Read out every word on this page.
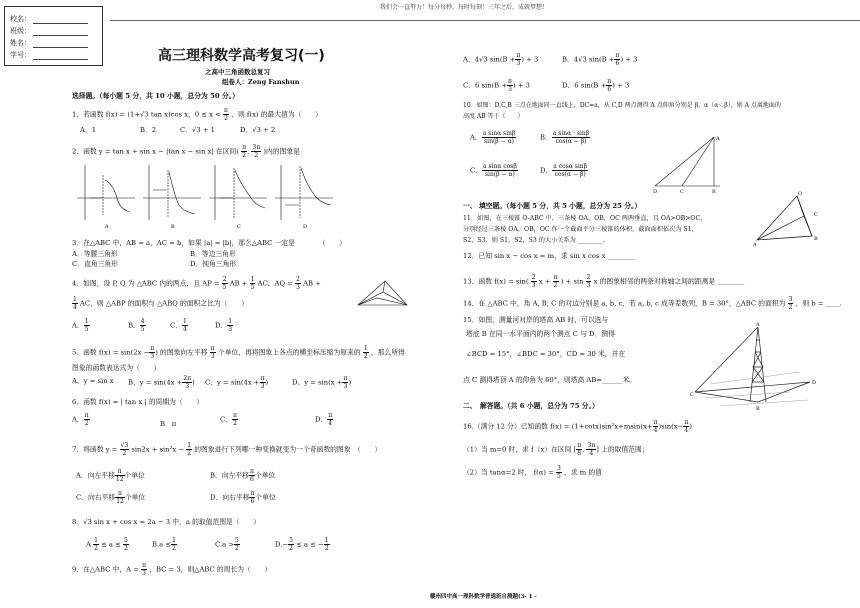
校名：
班级：
姓名：
学号：
我们会一直努力！每分每秒、每时每刻！三年之后，成就梦想！
高三理科数学高考复习(一)
之高中三角函数总复习
组卷人：Zeng Fanshun
选择题。（每小题 5 分，共 10 小题，总分为 50 分。）
1．若函数 f(x) = (1+√3 tan x)cos x，$0 \le x < \frac{\pi}{2}$ ，则 f(x) 的最大值为（　　）
A．1	B．2	C．√3 + 1	D．√3 + 2
2．函数 y = tan x + sin x − |tan x − sin x| 在区间( $\frac{\pi}{2}$ , $\frac{3\pi}{2}$ )内的图象是
A	B	C	D
3．在△ABC 中，AB = a，AC = b，如果 |a| = |b|，那么△ABC 一定是　　　　（　　）
A．等腰三角形	B．等边三角形
C．直角三角形	D．钝角三角形
4．如图，设 P, Q 为 △ABC 内的两点，且 AP = $\frac{2}{5}$ AB + $\frac{1}{5}$ AC，AQ = $\frac{2}{3}$ AB +
$\frac{1}{4}$ AC，则 △ABP 的面积与 △ABQ 的面积之比为（　　）
A． $\frac{1}{5}$	B． $\frac{4}{5}$	C． $\frac{1}{4}$	D． $\frac{1}{3}$
5．函数 $f(x) = \sin(2x - \frac{\pi}{3}$ ) 的图象向左平移 $\frac{\pi}{3}$ 个单位，再将图象上各点的横坐标压缩为原来的 $\frac{1}{2}$ ，那么所得
图象的函数表达式为（　　）
A、y = sin x B、$y = \sin(4x + \frac{2\pi}{3}$ ) C、$y = \sin(4x + \frac{\pi}{3}$ )	D、$y = \sin(x + \frac{\pi}{3}$ )
6．函数 f(x) = | tan x | 的周期为（　　）
A． $\frac{\pi}{2}$	B．π
C． $\frac{\pi}{2}$	D． $\frac{\pi}{4}$
7．将函数 $y = \frac{√3}{2} \sin 2x + \sin^2x - \frac{1}{2}$ 的图象进行下列哪一种变换就变为一个奇函数的图象　（　　）
A．向左平移 $\frac{\pi}{12}$ 个单位	B．向左平移 $\frac{\pi}{6}$ 个单位
C．向右平移 $\frac{\pi}{12}$ 个单位	D．向右平移 $\frac{\pi}{6}$ 个单位
8．√3 sin x + cos x = 2a − 3 中，a 的取值范围是（　　）
A. $\frac{1}{2} \le a \le \frac{5}{2}$	$B.a \le \frac{1}{2}$	$C.a > \frac{5}{2}$	$D.- \frac{5}{2} \le a$ ≤ − $\frac{1}{2}$
9．在△ABC 中，$A = \frac{\pi}{3}$ ，BC = 3，则△ABC 的周长为（　　）
A．4√3 $\sin(B + \frac{\pi}{3}$ ) + 3	B．4√3 $\sin(B + \frac{\pi}{6}$ ) + 3
C．6 $\sin(B + \frac{\pi}{3}$ ) + 3	D．6 $\sin(B + \frac{\pi}{6}$ ) + 3
10．如图：D,C,B 三点在地面同一直线上，DC=a，从 C,D 两点测得 A 点仰角分别是 β，α（α＜β），则 A 点离地面的
高度 AB 等于（　　）
A． $\frac{\text{a sinα sinβ}}{\sin(\beta - \alpha)}$	B． $\frac{\text{a sinα · sinβ}}{\cos(\alpha - \beta)}$
C． $\frac{\text{a sinα cosβ}}{\sin(\beta - \alpha)}$	D． $\frac{\text{a cosα sinβ}}{\cos(\alpha - \beta)}$
A
D	C	B
一、 填空题。（每小题 5 分，共 5 小题，总分为 25 分。）
11．如图，在三棱锥 O-ABC 中，三条棱 OA，OB，OC 两两垂直，且 OA>OB>OC，
分别经过三条棱 OA，OB，OC 作一个截面平分三棱锥的体积，截面面积依次为 S1，
S2，S3，则 S1，S2，S3 的大小关系为 ________。
O
C
B
A
12．已知 sin x − cos x = m，求 sin x cos x ________
13．函数 $f(x) = \sin( \frac{2}{3}$ $x + \frac{\pi}{2}$ ) + $\sin \frac{2}{3}$ x 的图象相邻的两条对称轴之间的距离是 ________
14．在 △ABC 中，角 A, B, C 的对边分别是 a, b, c，若 a, b, c 成等差数列，B = 30°，△ABC 的面积为 $\frac{3}{2}$ ，则 b = ____.
15．如图，测量河对岸的塔高 AB 时，可以选与
塔底 B 在同一水平面内的两个测点 C 与 D．测得
∠BCD = 15°，∠BDC = 30°，CD = 30 米，并在
点 C 测得塔顶 A 的仰角为 60°，则塔高 AB=______米。
C
D
A
B
二、　解答题。（共 6 小题，总分为 75 分。）
16.（满分 12 分）已知函数 $f(x) = (1+\cot x)\sin^2x+msin(x+ \frac{\pi}{4} )\sin(x- \frac{\pi}{4}$ )
（1）当 m=0 时，求 f（x）在区间 [ $\frac{\pi}{8}$ , $\frac{3\pi}{4}$ ] 上的取值范围；
（2）当 tanα=2 时， $f(\alpha) = \frac{3}{5}$ ，求 m 的值
赣州四中高一理科数学普通班自测题(3- 1 -
